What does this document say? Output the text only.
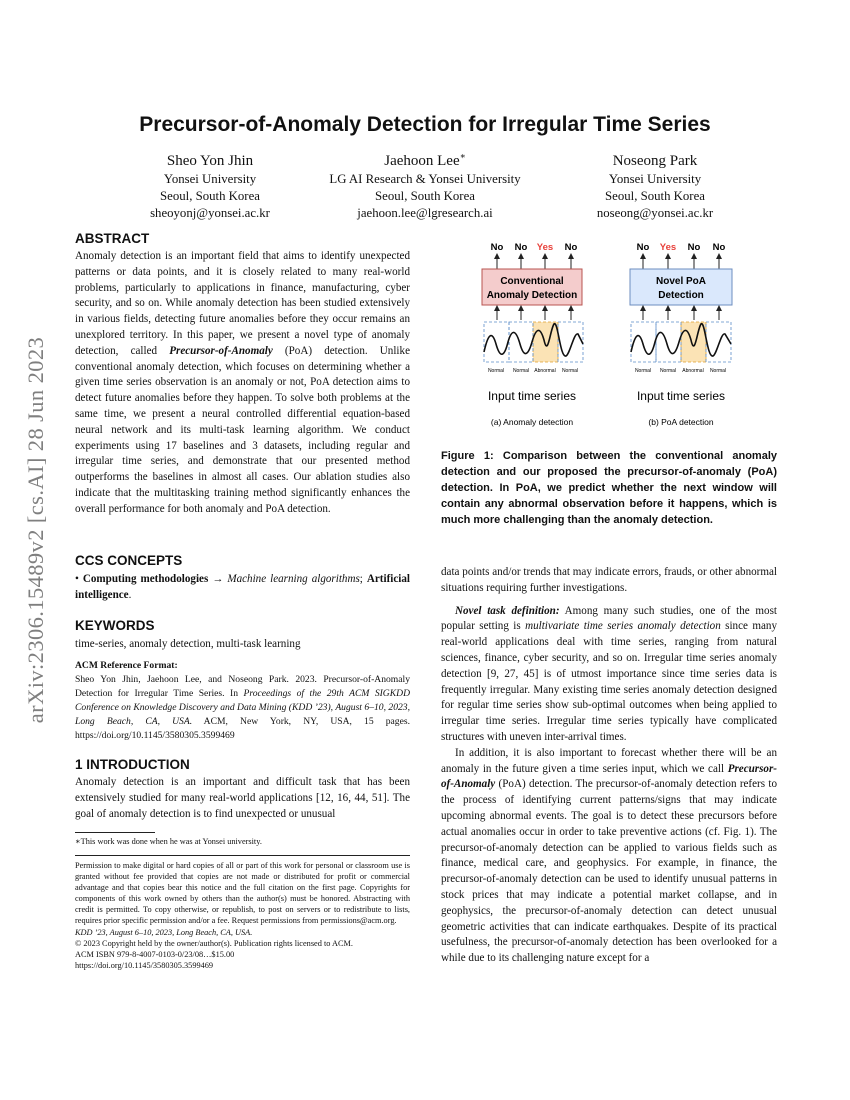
arXiv:2306.15489v2 [cs.AI] 28 Jun 2023
Precursor-of-Anomaly Detection for Irregular Time Series
Sheo Yon Jhin
Yonsei University
Seoul, South Korea
sheoyonj@yonsei.ac.kr
Jaehoon Lee∗
LG AI Research & Yonsei University
Seoul, South Korea
jaehoon.lee@lgresearch.ai
Noseong Park
Yonsei University
Seoul, South Korea
noseong@yonsei.ac.kr
ABSTRACT

Anomaly detection is an important field that aims to identify unexpected patterns or data points, and it is closely related to many real-world problems, particularly to applications in finance, manufacturing, cyber security, and so on. While anomaly detection has been studied extensively in various fields, detecting future anomalies before they occur remains an unexplored territory. In this paper, we present a novel type of anomaly detection, called Precursor-of-Anomaly (PoA) detection. Unlike conventional anomaly detection, which focuses on determining whether a given time series observation is an anomaly or not, PoA detection aims to detect future anomalies before they happen. To solve both problems at the same time, we present a neural controlled differential equation-based neural network and its multi-task learning algorithm. We conduct experiments using 17 baselines and 3 datasets, including regular and irregular time series, and demonstrate that our presented method outperforms the baselines in almost all cases. Our ablation studies also indicate that the multitasking training method significantly enhances the overall performance for both anomaly and PoA detection.

CCS CONCEPTS

• Computing methodologies → Machine learning algorithms; Artificial intelligence.

KEYWORDS

time-series, anomaly detection, multi-task learning

ACM Reference Format:

Sheo Yon Jhin, Jaehoon Lee, and Noseong Park. 2023. Precursor-of-Anomaly Detection for Irregular Time Series. In Proceedings of the 29th ACM SIGKDD Conference on Knowledge Discovery and Data Mining (KDD ’23), August 6–10, 2023, Long Beach, CA, USA. ACM, New York, NY, USA, 15 pages. https://doi.org/10.1145/3580305.3599469

1 INTRODUCTION

Anomaly detection is an important and difficult task that has been extensively studied for many real-world applications [12, 16, 44, 51]. The goal of anomaly detection is to find unexpected or unusual

∗This work was done when he was at Yonsei university.

Permission to make digital or hard copies of all or part of this work for personal or classroom use is granted without fee provided that copies are not made or distributed for profit or commercial advantage and that copies bear this notice and the full citation on the first page. Copyrights for components of this work owned by others than the author(s) must be honored. Abstracting with credit is permitted. To copy otherwise, or republish, to post on servers or to redistribute to lists, requires prior specific permission and/or a fee. Request permissions from permissions@acm.org.

KDD ’23, August 6–10, 2023, Long Beach, CA, USA.

© 2023 Copyright held by the owner/author(s). Publication rights licensed to ACM.

ACM ISBN 979-8-4007-0103-0/23/08…$15.00

https://doi.org/10.1145/3580305.3599469

No No Yes No
Conventional
Anomaly Detection
Normal Normal Abnormal Normal
Input time series
(a) Anomaly detection
No Yes No No
Novel PoA
Detection
Normal Normal Abnormal Normal
Input time series
(b) PoA detection
Figure 1: Comparison between the conventional anomaly detection and our proposed the precursor-of-anomaly (PoA) detection. In PoA, we predict whether the next window will contain any abnormal observation before it happens, which is much more challenging than the anomaly detection.

data points and/or trends that may indicate errors, frauds, or other abnormal situations requiring further investigations.

Novel task definition: Among many such studies, one of the most popular setting is multivariate time series anomaly detection since many real-world applications deal with time series, ranging from natural sciences, finance, cyber security, and so on. Irregular time series anomaly detection [9, 27, 45] is of utmost importance since time series data is frequently irregular. Many existing time series anomaly detection designed for regular time series show sub-optimal outcomes when being applied to irregular time series. Irregular time series typically have complicated structures with uneven inter-arrival times.

In addition, it is also important to forecast whether there will be an anomaly in the future given a time series input, which we call Precursor-of-Anomaly (PoA) detection. The precursor-of-anomaly detection refers to the process of identifying current patterns/signs that may indicate upcoming abnormal events. The goal is to detect these precursors before actual anomalies occur in order to take preventive actions (cf. Fig. 1). The precursor-of-anomaly detection can be applied to various fields such as finance, medical care, and geophysics. For example, in finance, the precursor-of-anomaly detection can be used to identify unusual patterns in stock prices that may indicate a potential market collapse, and in geophysics, the precursor-of-anomaly detection can detect unusual geometric activities that can indicate earthquakes. Despite of its practical usefulness, the precursor-of-anomaly detection has been overlooked for a while due to its challenging nature except for a
